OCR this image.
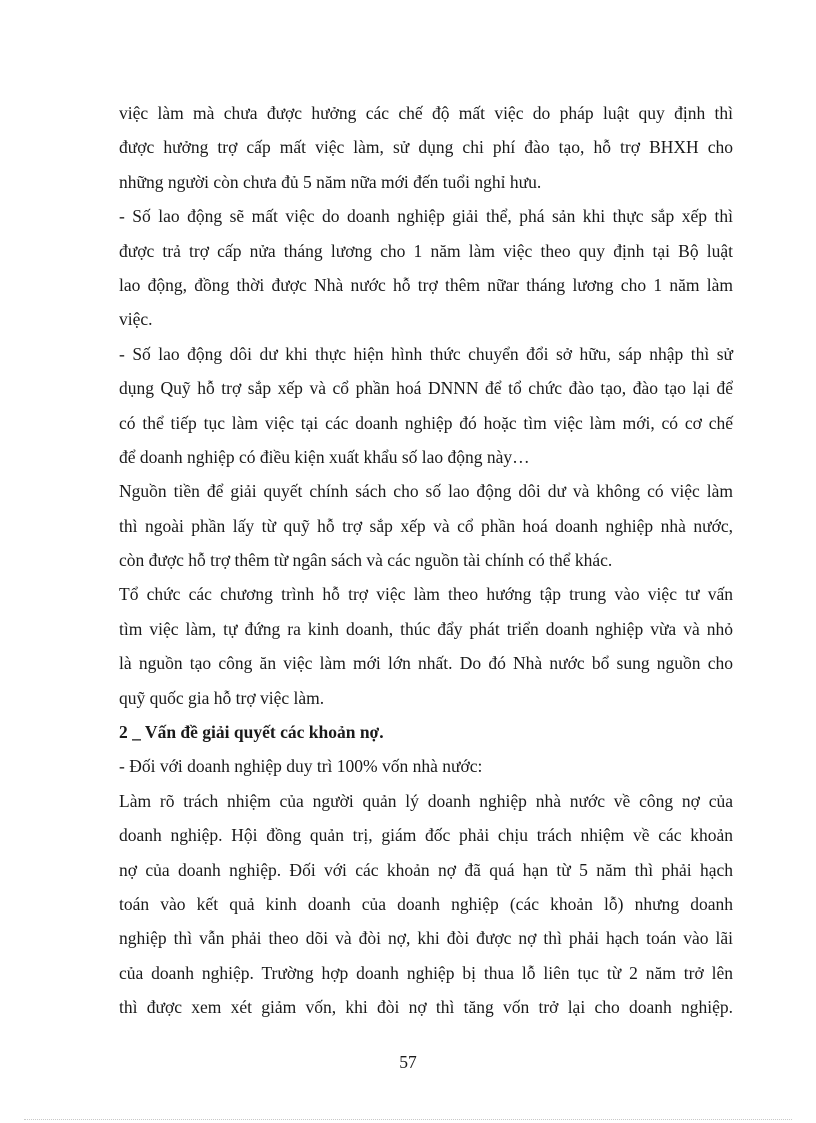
việc làm mà chưa được hưởng các chế độ mất việc do pháp luật quy định thì
được hưởng trợ cấp mất việc làm, sử dụng chi phí đào tạo, hỗ trợ BHXH cho
những người còn chưa đủ 5 năm nữa mới đến tuổi nghỉ hưu.
- Số lao động sẽ mất việc do doanh nghiệp giải thể, phá sản khi thực sắp xếp thì
được trả trợ cấp nửa tháng lương cho 1 năm làm việc theo quy định tại Bộ luật
lao động, đồng thời được Nhà nước hỗ trợ thêm nữar tháng lương cho 1 năm làm
việc.
- Số lao động dôi dư khi thực hiện hình thức chuyển đổi sở hữu, sáp nhập thì sử
dụng Quỹ hỗ trợ sắp xếp và cổ phần hoá DNNN để tổ chức đào tạo, đào tạo lại để
có thể tiếp tục làm việc tại các doanh nghiệp đó hoặc tìm việc làm mới, có cơ chế
để doanh nghiệp có điều kiện xuất khẩu số lao động này…
Nguồn tiền để giải quyết chính sách cho số lao động dôi dư và không có việc làm
thì ngoài phần lấy từ quỹ hỗ trợ sắp xếp và cổ phần hoá doanh nghiệp nhà nước,
còn được hỗ trợ thêm từ ngân sách và các nguồn tài chính có thể khác.
Tổ chức các chương trình hỗ trợ việc làm theo hướng tập trung vào việc tư vấn
tìm việc làm, tự đứng ra kinh doanh, thúc đẩy phát triển doanh nghiệp vừa và nhỏ
là nguồn tạo công ăn việc làm mới lớn nhất. Do đó Nhà nước bổ sung nguồn cho
quỹ quốc gia hỗ trợ việc làm.
2 _ Vấn đề giải quyết các khoản nợ.
- Đối với doanh nghiệp duy trì 100% vốn nhà nước:
Làm rõ trách nhiệm của người quản lý doanh nghiệp nhà nước về công nợ của
doanh nghiệp. Hội đồng quản trị, giám đốc phải chịu trách nhiệm về các khoản
nợ của doanh nghiệp. Đối với các khoản nợ đã quá hạn từ 5 năm thì phải hạch
toán vào kết quả kinh doanh của doanh nghiệp (các khoản lỗ) nhưng doanh
nghiệp thì vẫn phải theo dõi và đòi nợ, khi đòi được nợ thì phải hạch toán vào lãi
của doanh nghiệp. Trường hợp doanh nghiệp bị thua lỗ liên tục từ 2 năm trở lên
thì được xem xét giảm vốn, khi đòi nợ thì tăng vốn trở lại cho doanh nghiệp.
57
